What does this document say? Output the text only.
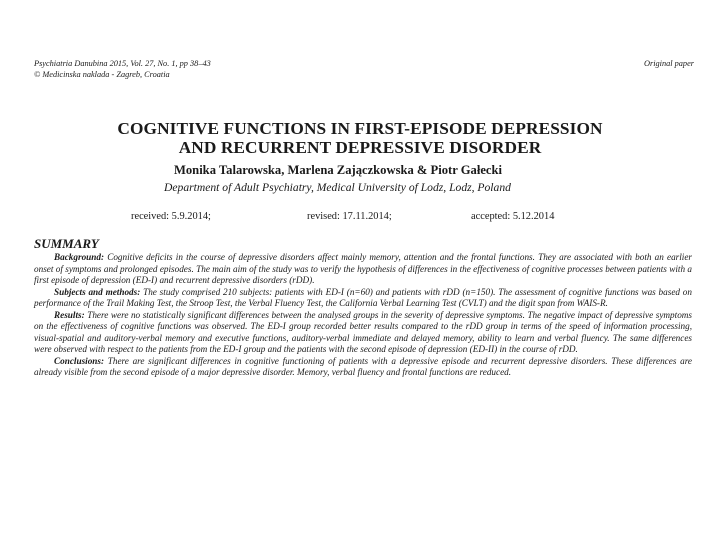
Psychiatria Danubina 2015, Vol. 27, No. 1, pp 38–43	Original paper
© Medicinska naklada - Zagreb, Croatia
COGNITIVE FUNCTIONS IN FIRST-EPISODE DEPRESSION
AND RECURRENT DEPRESSIVE DISORDER
Monika Talarowska, Marlena Zajączkowska & Piotr Gałecki
Department of Adult Psychiatry, Medical University of Lodz, Lodz, Poland
received: 5.9.2014;	revised: 17.11.2014;	accepted: 5.12.2014
SUMMARY

Background: Cognitive deficits in the course of depressive disorders affect mainly memory, attention and the frontal functions. They are associated with both an earlier onset of symptoms and prolonged episodes. The main aim of the study was to verify the hypothesis of differences in the effectiveness of cognitive processes between patients with a first episode of depression (ED-I) and recurrent depressive disorders (rDD).

Subjects and methods: The study comprised 210 subjects: patients with ED-I (n=60) and patients with rDD (n=150). The assessment of cognitive functions was based on performance of the Trail Making Test, the Stroop Test, the Verbal Fluency Test, the California Verbal Learning Test (CVLT) and the digit span from WAIS-R.

Results: There were no statistically significant differences between the analysed groups in the severity of depressive symptoms. The negative impact of depressive symptoms on the effectiveness of cognitive functions was observed. The ED-I group recorded better results compared to the rDD group in terms of the speed of information processing, visual-spatial and auditory-verbal memory and executive functions, auditory-verbal immediate and delayed memory, ability to learn and verbal fluency. The same differences were observed with respect to the patients from the ED-I group and the patients with the second episode of depression (ED-II) in the course of rDD.

Conclusions: There are significant differences in cognitive functioning of patients with a depressive episode and recurrent depressive disorders. These differences are already visible from the second episode of a major depressive disorder. Memory, verbal fluency and frontal functions are reduced.
